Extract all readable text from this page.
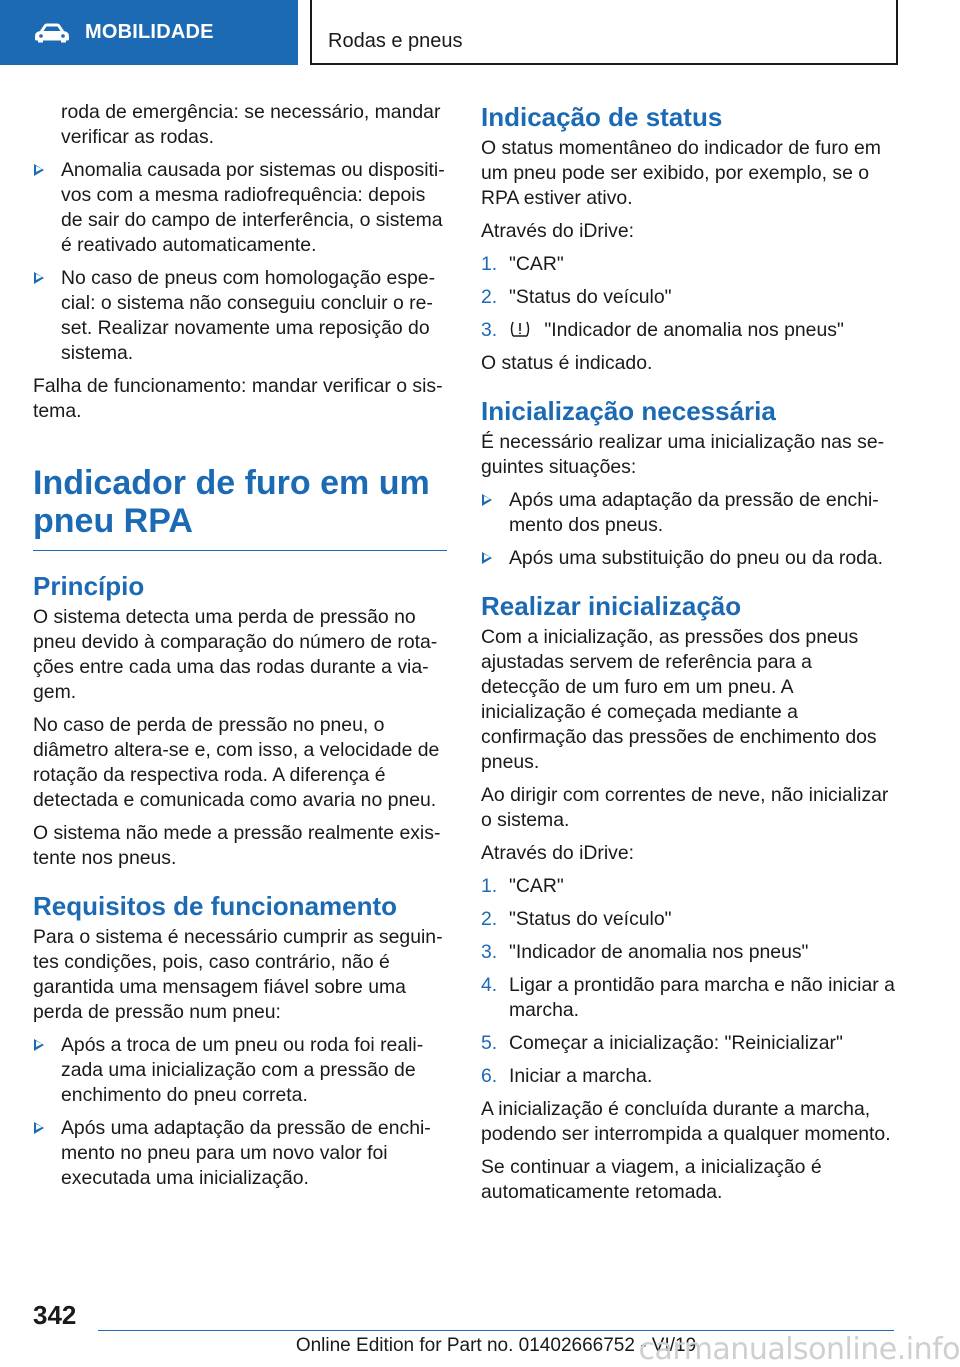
MOBILIDADE	Rodas e pneus

roda de emergência: se necessário, mandar verificar as rodas.

Anomalia causada por sistemas ou dispositivos com a mesma radiofrequência: depois de sair do campo de interferência, o sistema é reativado automaticamente.
No caso de pneus com homologação especial: o sistema não conseguiu concluir o reset. Realizar novamente uma reposição do sistema.

Falha de funcionamento: mandar verificar o sistema.

Indicador de furo em um pneu RPA
Princípio

O sistema detecta uma perda de pressão no pneu devido à comparação do número de rotações entre cada uma das rodas durante a viagem.

No caso de perda de pressão no pneu, o diâmetro altera-se e, com isso, a velocidade de rotação da respectiva roda. A diferença é detectada e comunicada como avaria no pneu.

O sistema não mede a pressão realmente existente nos pneus.

Requisitos de funcionamento

Para o sistema é necessário cumprir as seguintes condições, pois, caso contrário, não é garantida uma mensagem fiável sobre uma perda de pressão num pneu:

Após a troca de um pneu ou roda foi realizada uma inicialização com a pressão de enchimento do pneu correta.
Após uma adaptação da pressão de enchimento no pneu para um novo valor foi executada uma inicialização.
Indicação de status

O status momentâneo do indicador de furo em um pneu pode ser exibido, por exemplo, se o RPA estiver ativo.

Através do iDrive:

1. "CAR"
2. "Status do veículo"
3. "Indicador de anomalia nos pneus"

O status é indicado.

Inicialização necessária

É necessário realizar uma inicialização nas seguintes situações:

Após uma adaptação da pressão de enchimento dos pneus.
Após uma substituição do pneu ou da roda.
Realizar inicialização

Com a inicialização, as pressões dos pneus ajustadas servem de referência para a detecção de um furo em um pneu. A inicialização é começada mediante a confirmação das pressões de enchimento dos pneus.

Ao dirigir com correntes de neve, não inicializar o sistema.

Através do iDrive:

1. "CAR"
2. "Status do veículo"
3. "Indicador de anomalia nos pneus"
4. Ligar a prontidão para marcha e não iniciar a marcha.
5. Começar a inicialização: "Reinicializar"
6. Iniciar a marcha.

A inicialização é concluída durante a marcha, podendo ser interrompida a qualquer momento.

Se continuar a viagem, a inicialização é automaticamente retomada.

342
Online Edition for Part no. 01402666752 - VI/19
carmanualsonline.info
